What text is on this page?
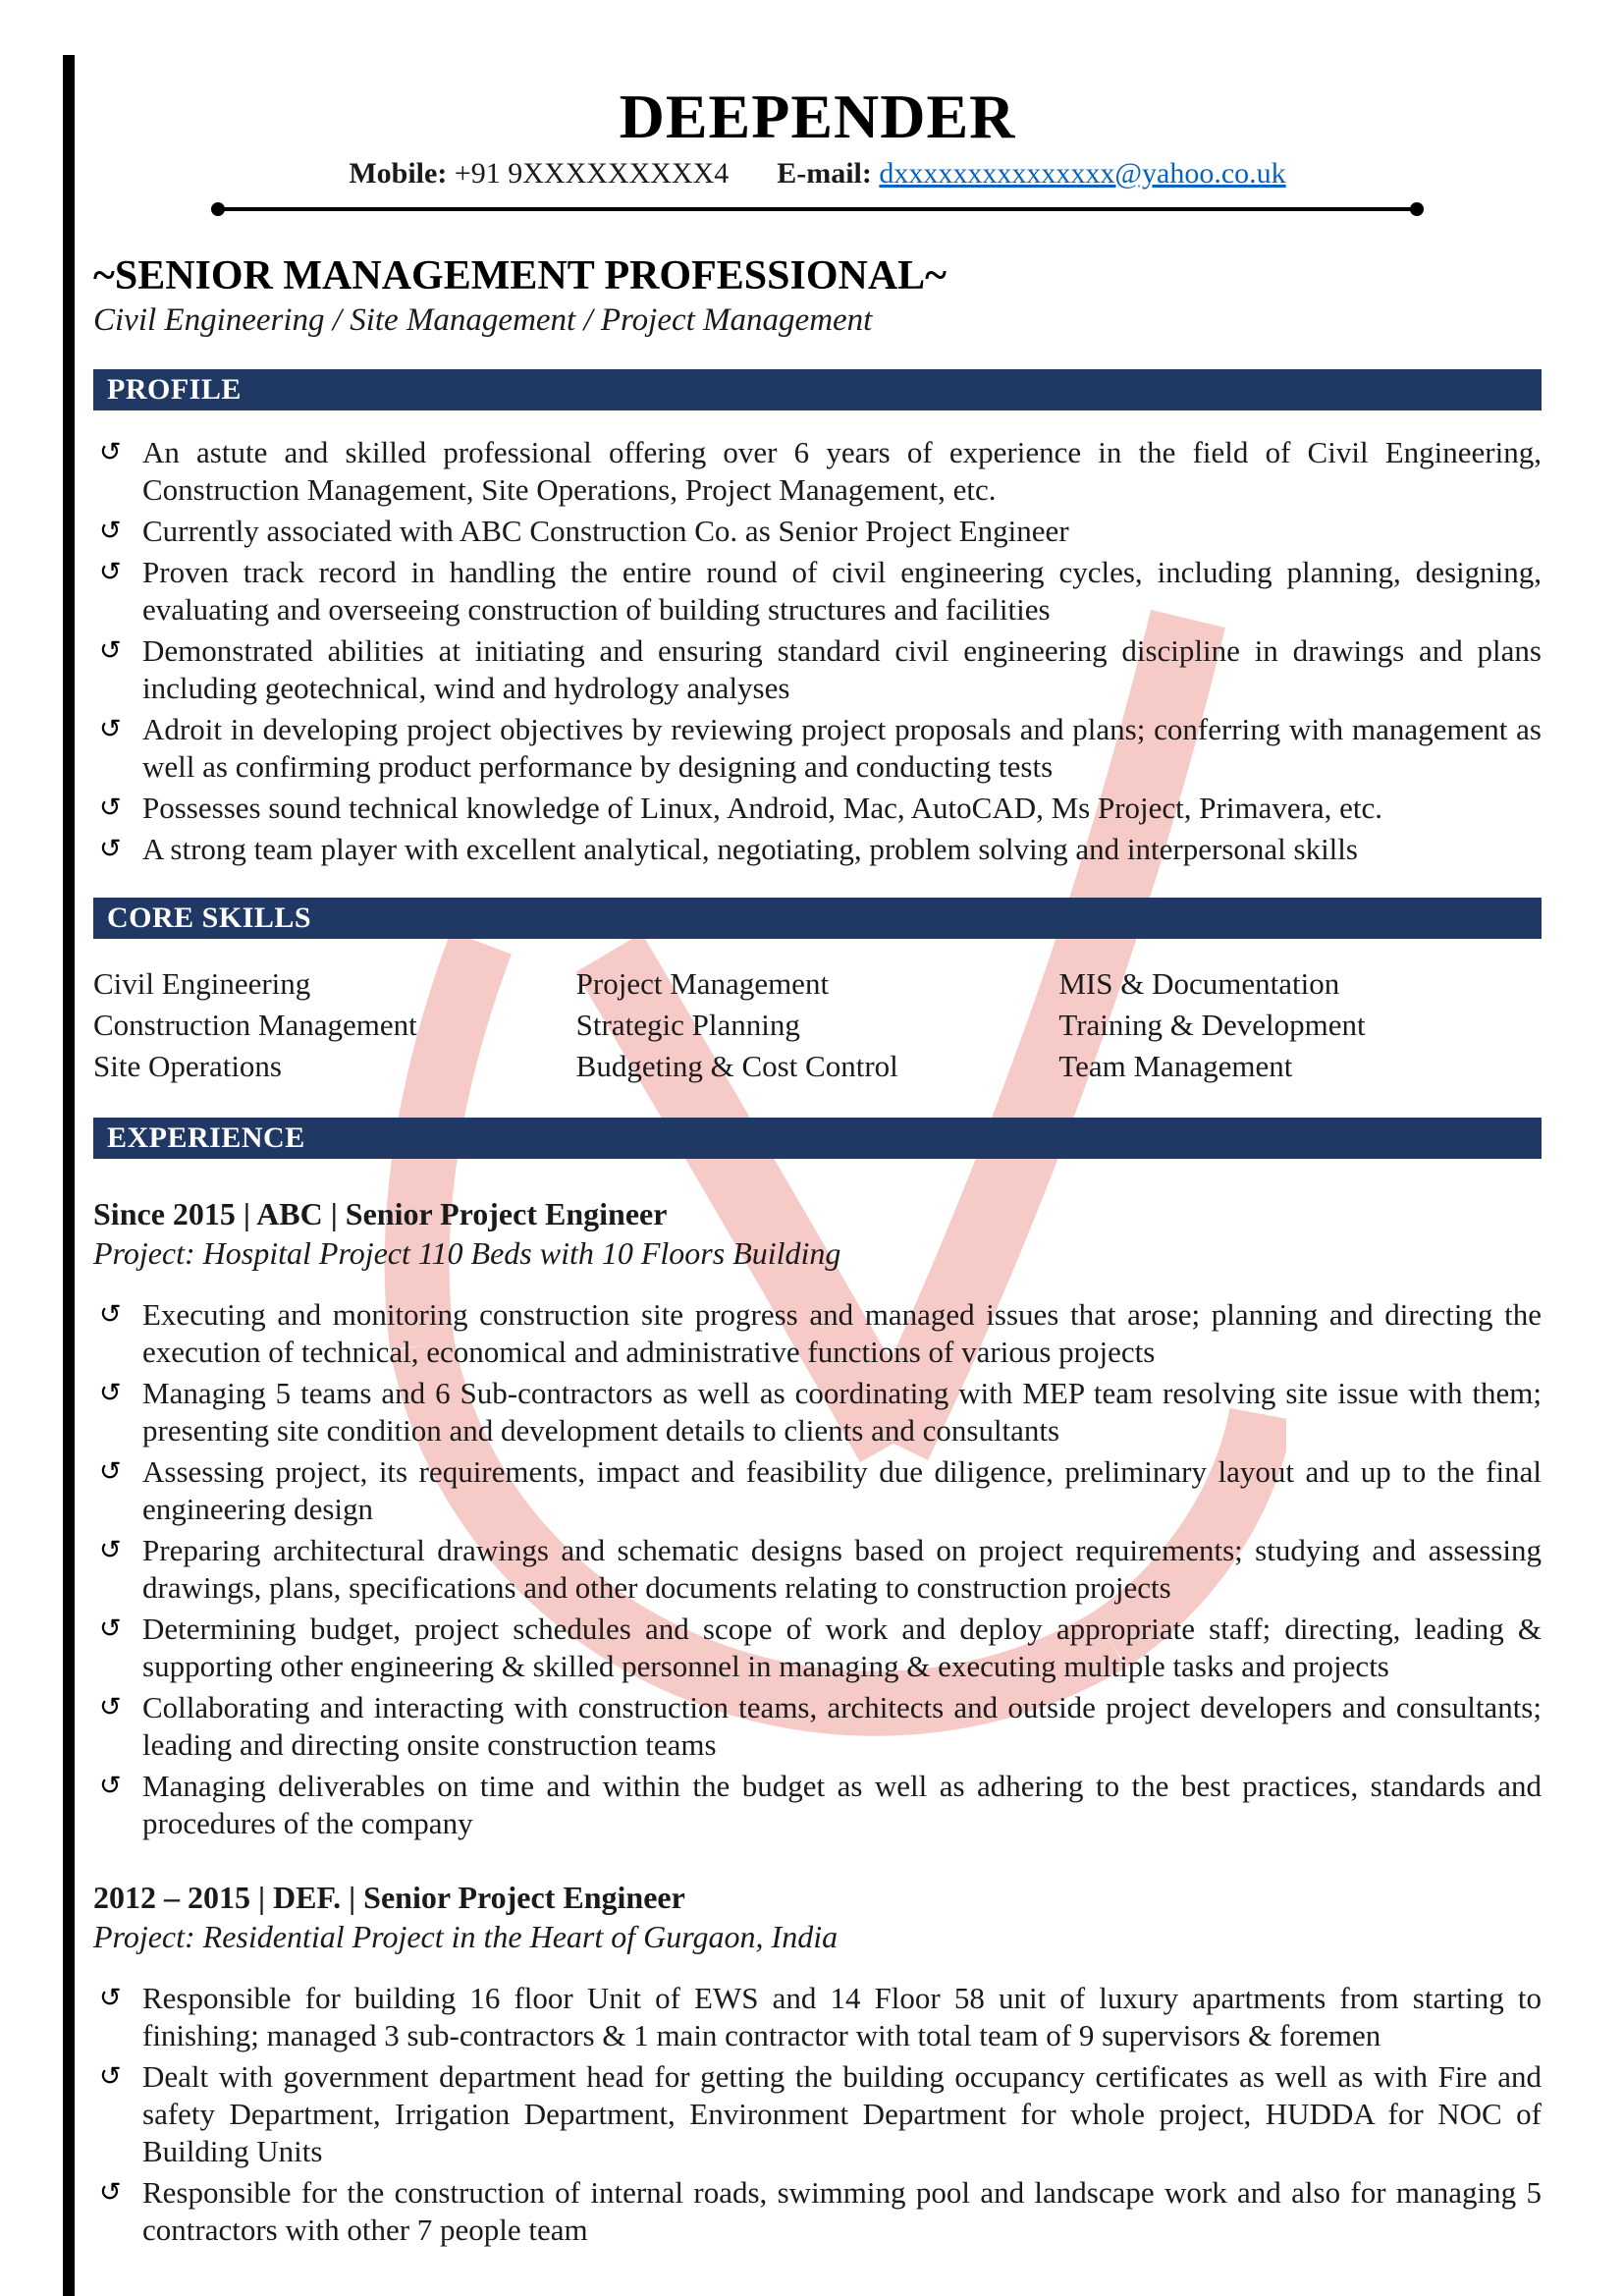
DEEPENDER
Mobile: +91 9XXXXXXXXX4 E-mail: dxxxxxxxxxxxxxxx@yahoo.co.uk
~SENIOR MANAGEMENT PROFESSIONAL~
Civil Engineering / Site Management / Project Management
PROFILE
↺ An astute and skilled professional offering over 6 years of experience in the field of Civil Engineering, Construction Management, Site Operations, Project Management, etc.
↺ Currently associated with ABC Construction Co. as Senior Project Engineer
↺ Proven track record in handling the entire round of civil engineering cycles, including planning, designing, evaluating and overseeing construction of building structures and facilities
↺ Demonstrated abilities at initiating and ensuring standard civil engineering discipline in drawings and plans including geotechnical, wind and hydrology analyses
↺ Adroit in developing project objectives by reviewing project proposals and plans; conferring with management as well as confirming product performance by designing and conducting tests
↺ Possesses sound technical knowledge of Linux, Android, Mac, AutoCAD, Ms Project, Primavera, etc.
↺ A strong team player with excellent analytical, negotiating, problem solving and interpersonal skills
CORE SKILLS
Civil Engineering
Construction Management
Site Operations
Project Management
Strategic Planning
Budgeting & Cost Control
MIS & Documentation
Training & Development
Team Management
EXPERIENCE
Since 2015 | ABC | Senior Project Engineer
Project: Hospital Project 110 Beds with 10 Floors Building
↺ Executing and monitoring construction site progress and managed issues that arose; planning and directing the execution of technical, economical and administrative functions of various projects
↺ Managing 5 teams and 6 Sub-contractors as well as coordinating with MEP team resolving site issue with them; presenting site condition and development details to clients and consultants
↺ Assessing project, its requirements, impact and feasibility due diligence, preliminary layout and up to the final engineering design
↺ Preparing architectural drawings and schematic designs based on project requirements; studying and assessing drawings, plans, specifications and other documents relating to construction projects
↺ Determining budget, project schedules and scope of work and deploy appropriate staff; directing, leading & supporting other engineering & skilled personnel in managing & executing multiple tasks and projects
↺ Collaborating and interacting with construction teams, architects and outside project developers and consultants; leading and directing onsite construction teams
↺ Managing deliverables on time and within the budget as well as adhering to the best practices, standards and procedures of the company
2012 – 2015 | DEF. | Senior Project Engineer
Project: Residential Project in the Heart of Gurgaon, India
↺ Responsible for building 16 floor Unit of EWS and 14 Floor 58 unit of luxury apartments from starting to finishing; managed 3 sub-contractors & 1 main contractor with total team of 9 supervisors & foremen
↺ Dealt with government department head for getting the building occupancy certificates as well as with Fire and safety Department, Irrigation Department, Environment Department for whole project, HUDDA for NOC of Building Units
↺ Responsible for the construction of internal roads, swimming pool and landscape work and also for managing 5 contractors with other 7 people team
